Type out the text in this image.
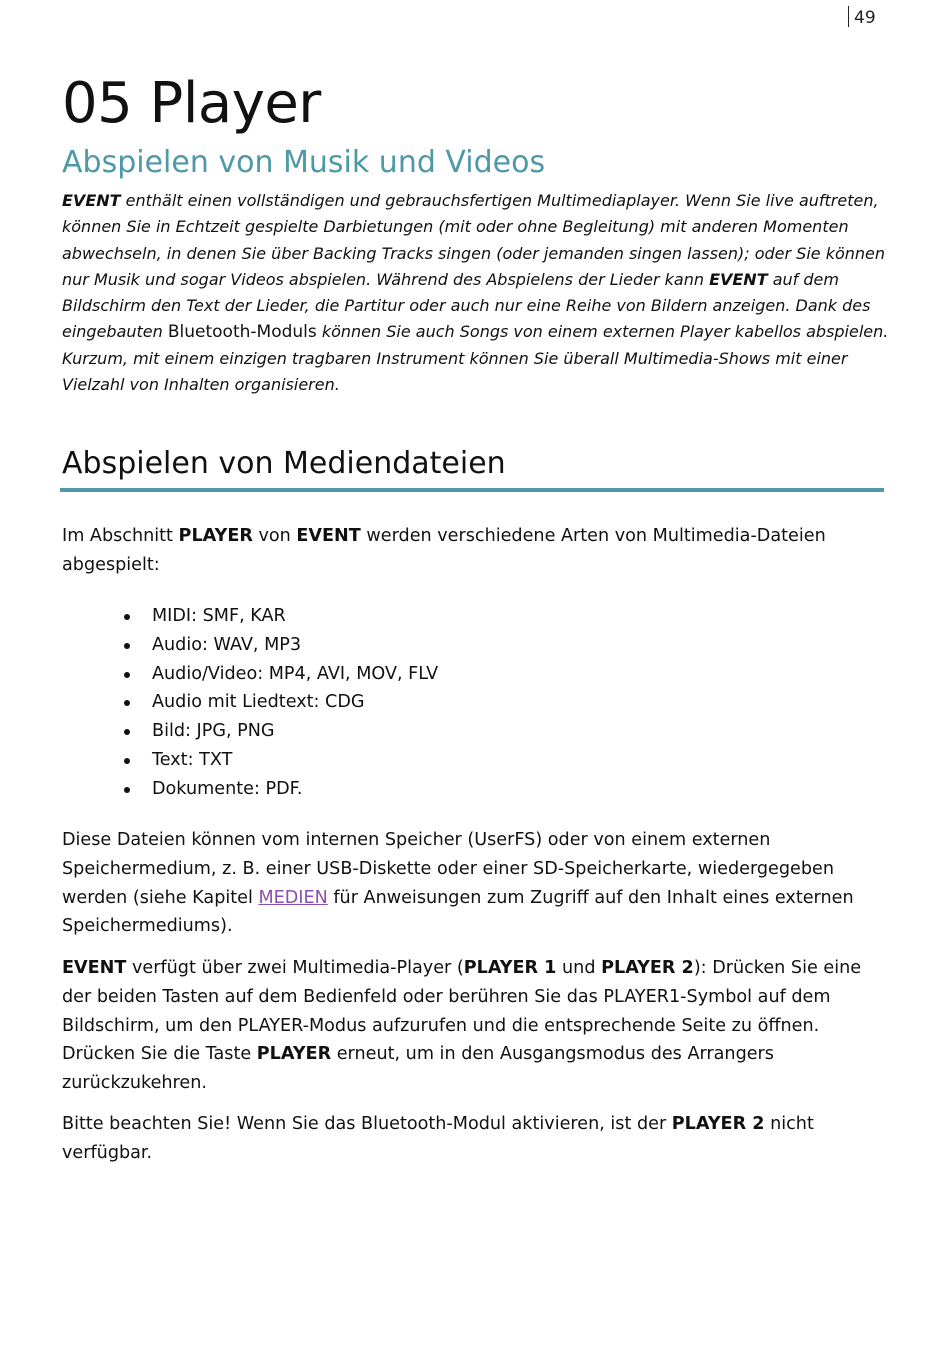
49
05 Player
Abspielen von Musik und Videos

EVENT enthält einen vollständigen und gebrauchsfertigen Multimediaplayer. Wenn Sie live auftreten, können Sie in Echtzeit gespielte Darbietungen (mit oder ohne Begleitung) mit anderen Momenten abwechseln, in denen Sie über Backing Tracks singen (oder jemanden singen lassen); oder Sie können nur Musik und sogar Videos abspielen. Während des Abspielens der Lieder kann EVENT auf dem Bildschirm den Text der Lieder, die Partitur oder auch nur eine Reihe von Bildern anzeigen. Dank des eingebauten Bluetooth-Moduls können Sie auch Songs von einem externen Player kabellos abspielen. Kurzum, mit einem einzigen tragbaren Instrument können Sie überall Multimedia-Shows mit einer Vielzahl von Inhalten organisieren.

Abspielen von Mediendateien

Im Abschnitt PLAYER von EVENT werden verschiedene Arten von Multimedia-Dateien abgespielt:

MIDI: SMF, KAR
Audio: WAV, MP3
Audio/Video: MP4, AVI, MOV, FLV
Audio mit Liedtext: CDG
Bild: JPG, PNG
Text: TXT
Dokumente: PDF.

Diese Dateien können vom internen Speicher (UserFS) oder von einem externen Speichermedium, z. B. einer USB-Diskette oder einer SD-Speicherkarte, wiedergegeben werden (siehe Kapitel MEDIEN für Anweisungen zum Zugriff auf den Inhalt eines externen Speichermediums).

EVENT verfügt über zwei Multimedia-Player (PLAYER 1 und PLAYER 2): Drücken Sie eine der beiden Tasten auf dem Bedienfeld oder berühren Sie das PLAYER1-Symbol auf dem Bildschirm, um den PLAYER-Modus aufzurufen und die entsprechende Seite zu öffnen. Drücken Sie die Taste PLAYER erneut, um in den Ausgangsmodus des Arrangers zurückzukehren.

Bitte beachten Sie! Wenn Sie das Bluetooth-Modul aktivieren, ist der PLAYER 2 nicht verfügbar.
